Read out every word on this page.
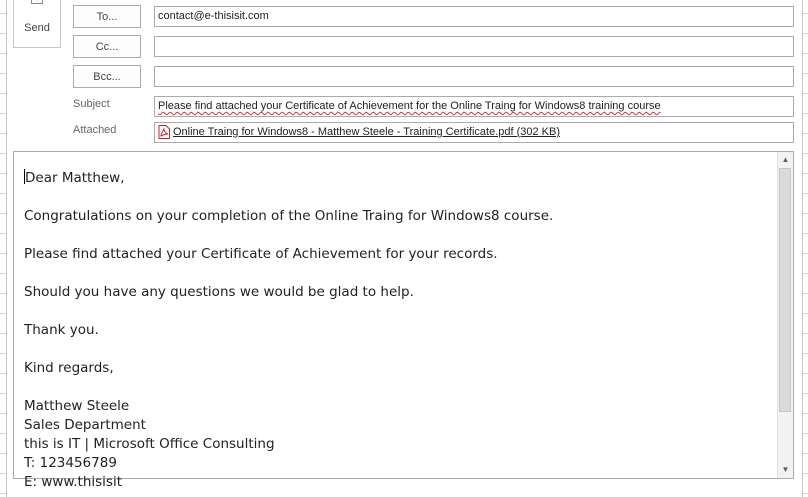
Send
To...	contact@e-thisisit.com
Cc...
Bcc...
Subject	Please find attached your Certificate of Achievement for the Online Traing for Windows8 training course
Attached	Online Traing for Windows8 - Matthew Steele - Training Certificate.pdf (302 KB)

Dear Matthew,

Congratulations on your completion of the Online Traing for Windows8 course.

Please find attached your Certificate of Achievement for your records.

Should you have any questions we would be glad to help.

Thank you.

Kind regards,

Matthew Steele

Sales Department

this is IT | Microsoft Office Consulting

T: 123456789

E: www.thisisit

▲
▼
